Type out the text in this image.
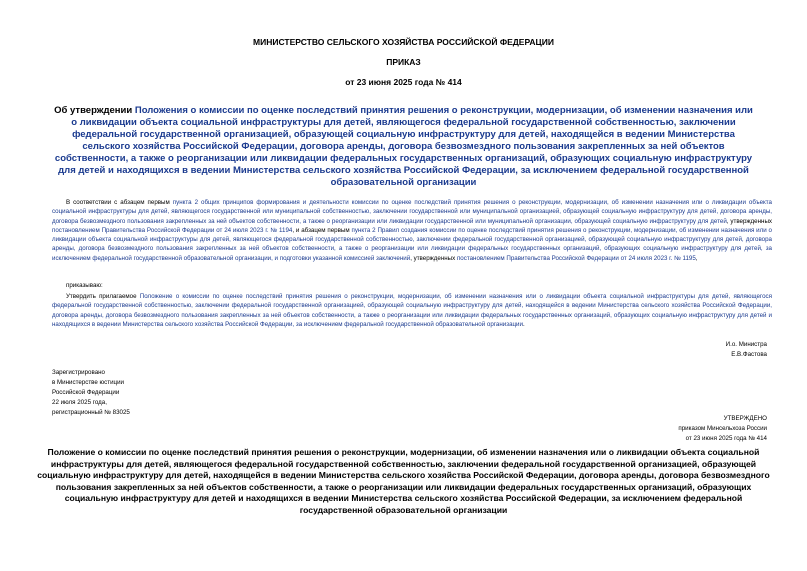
МИНИСТЕРСТВО СЕЛЬСКОГО ХОЗЯЙСТВА РОССИЙСКОЙ ФЕДЕРАЦИИ
ПРИКАЗ
от 23 июня 2025 года № 414
Об утверждении Положения о комиссии по оценке последствий принятия решения о реконструкции, модернизации, об изменении назначения или о ликвидации объекта социальной инфраструктуры для детей, являющегося федеральной государственной собственностью, заключении федеральной государственной организацией, образующей социальную инфраструктуру для детей, находящейся в ведении Министерства сельского хозяйства Российской Федерации, договора аренды, договора безвозмездного пользования закрепленных за ней объектов собственности, а также о реорганизации или ликвидации федеральных государственных организаций, образующих социальную инфраструктуру для детей и находящихся в ведении Министерства сельского хозяйства Российской Федерации, за исключением федеральной государственной образовательной организации
В соответствии с абзацем первым пункта 2 общих принципов формирования и деятельности комиссии по оценке последствий принятия решения о реконструкции, модернизации, об изменении назначения или о ликвидации объекта социальной инфраструктуры для детей, являющегося государственной или муниципальной собственностью, заключении государственной или муниципальной организацией, образующей социальную инфраструктуру для детей, договора аренды, договора безвозмездного пользования закрепленных за ней объектов собственности, а также о реорганизации или ликвидации государственной или муниципальной организации, образующей социальную инфраструктуру для детей, утвержденных постановлением Правительства Российской Федерации от 24 июля 2023 г. № 1194, и абзацем первым пункта 2 Правил создания комиссии по оценке последствий принятия решения о реконструкции, модернизации, об изменении назначения или о ликвидации объекта социальной инфраструктуры для детей, являющегося федеральной государственной собственностью, заключении федеральной государственной организацией, образующей социальную инфраструктуру для детей, договора аренды, договора безвозмездного пользования закрепленных за ней объектов собственности, а также о реорганизации или ликвидации федеральных государственных организаций, образующих социальную инфраструктуру для детей, за исключением федеральной государственной образовательной организации, и подготовки указанной комиссией заключений, утвержденных постановлением Правительства Российской Федерации от 24 июля 2023 г. № 1195,
приказываю:
Утвердить прилагаемое Положение о комиссии по оценке последствий принятия решения о реконструкции, модернизации, об изменении назначения или о ликвидации объекта социальной инфраструктуры для детей, являющегося федеральной государственной собственностью, заключении федеральной государственной организацией, образующей социальную инфраструктуру для детей, находящейся в ведении Министерства сельского хозяйства Российской Федерации, договора аренды, договора безвозмездного пользования закрепленных за ней объектов собственности, а также о реорганизации или ликвидации федеральных государственных организаций, образующих социальную инфраструктуру для детей и находящихся в ведении Министерства сельского хозяйства Российской Федерации, за исключением федеральной государственной образовательной организации.
И.о. Министра
Е.В.Фастова
Зарегистрировано
в Министерстве юстиции
Российской Федерации
22 июля 2025 года,
регистрационный № 83025
УТВЕРЖДЕНО
приказом Минсельхоза России
от 23 июня 2025 года № 414
Положение о комиссии по оценке последствий принятия решения о реконструкции, модернизации, об изменении назначения или о ликвидации объекта социальной инфраструктуры для детей, являющегося федеральной государственной собственностью, заключении федеральной государственной организацией, образующей социальную инфраструктуру для детей, находящейся в ведении Министерства сельского хозяйства Российской Федерации, договора аренды, договора безвозмездного пользования закрепленных за ней объектов собственности, а также о реорганизации или ликвидации федеральных государственных организаций, образующих социальную инфраструктуру для детей и находящихся в ведении Министерства сельского хозяйства Российской Федерации, за исключением федеральной государственной образовательной организации
